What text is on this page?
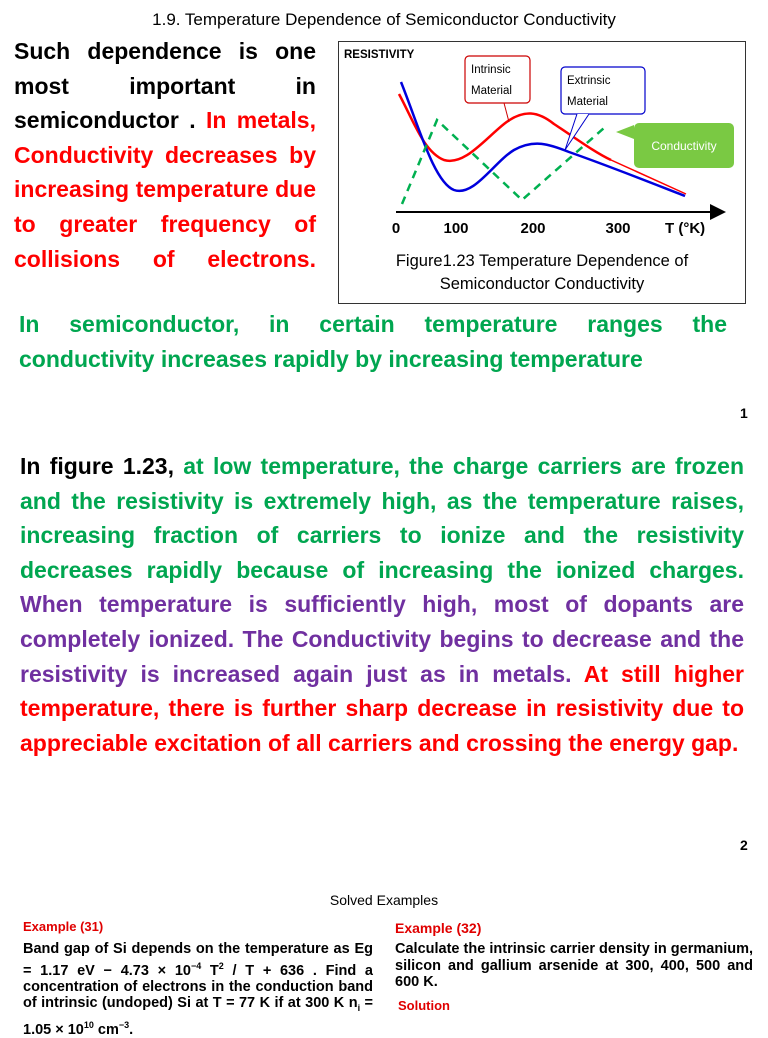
1.9. Temperature Dependence of Semiconductor Conductivity
Such dependence is one most important in semiconductor . In metals, Conductivity decreases by increasing temperature due to greater frequency of collisions of electrons.
RESISTIVITY
0	100	200	300 T (°K)
Intrinsic
Material
Extrinsic
Material
Conductivity
Figure1.23 Temperature Dependence of
Semiconductor Conductivity
In semiconductor, in certain temperature ranges the
conductivity increases rapidly by increasing temperature
1
In figure 1.23, at low temperature, the charge carriers are frozen and the resistivity is extremely high, as the temperature raises, increasing fraction of carriers to ionize and the resistivity decreases rapidly because of increasing the ionized charges. When temperature is sufficiently high, most of dopants are completely ionized. The Conductivity begins to decrease and the resistivity is increased again just as in metals. At still higher temperature, there is further sharp decrease in resistivity due to appreciable excitation of all carriers and crossing the energy gap.
2
Solved Examples
Example (31)
Band gap of Si depends on the temperature as Eg = 1.17 eV − $4.73 \times 10^{-4}$ $T^2 / T + 636$ . Find a concentration of electrons in the conduction band of intrinsic (undoped) Si at T = 77 K if at 300 K $n_i = 1.05 \times 10^{10}$ $cm^{-3}$.
Example (32)
Calculate the intrinsic carrier density in germanium, silicon and gallium arsenide at 300, 400, 500 and 600 K.
Solution
